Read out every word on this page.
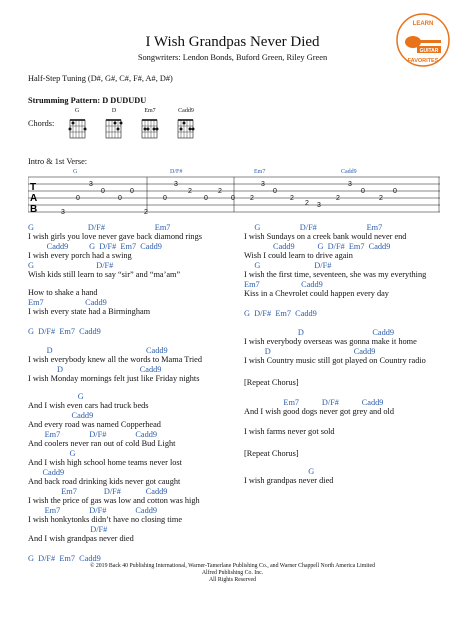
I Wish Grandpas Never Died
Songwriters: Lendon Bonds, Buford Green, Riley Green
LEARN
GUITAR
FAVORITES
Half-Step Tuning (D#, G#, C#, F#, A#, D#)
Strumming Pattern: D DUDUDU
Chords:
G	D	Em7	Cadd9
Intro & 1st Verse:
G	D/F#	Em7	Cadd9
T
A
B	3
0
3
0
0
0
2
0
3
2
0
2
0 2
3
0
2
2 3
2
3
0
2
0
G                          D/F#                        Em7
I wish girls you love never gave back diamond rings
Cadd9          G  D/F#  Em7  Cadd9
I wish every porch had a swing
G                              D/F#
Wish kids still learn to say “sir” and “ma’am”
How to shake a hand
Em7                    Cadd9
I wish every state had a Birmingham
G  D/F#  Em7  Cadd9
D                                             Cadd9
I wish everybody knew all the words to Mama Tried
D                                     Cadd9
I wish Monday mornings felt just like Friday nights
G
And I wish even cars had truck beds
Cadd9
And every road was named Copperhead
Em7              D/F#              Cadd9
And coolers never ran out of cold Bud Light
G
And I wish high school home teams never lost
Cadd9
And back road drinking kids never got caught
Em7             D/F#            Cadd9
I wish the price of gas was low and cotton was high
Em7              D/F#              Cadd9
I wish honkytonks didn’t have no closing time
D/F#
And I wish grandpas never died
G  D/F#  Em7  Cadd9
G                   D/F#                        Em7
I wish Sundays on a creek bank would never end
Cadd9           G  D/F#  Em7  Cadd9
Wish I could learn to drive again
G                          D/F#
I wish the first time, seventeen, she was my everything
Em7                    Cadd9
Kiss in a Chevrolet could happen every day
G  D/F#  Em7  Cadd9
D                                 Cadd9
I wish everybody overseas was gonna make it home
D                                        Cadd9
I wish Country music still got played on Country radio
[Repeat Chorus]
Em7           D/F#           Cadd9
And I wish good dogs never got grey and old
I wish farms never got sold
[Repeat Chorus]
G
I wish grandpas never died
© 2019 Back 40 Publishing International, Warner-Tamerlane Publishing Co., and Warner Chappell North America Limited
Alfred Publishing Co. Inc.
All Rights Reserved
